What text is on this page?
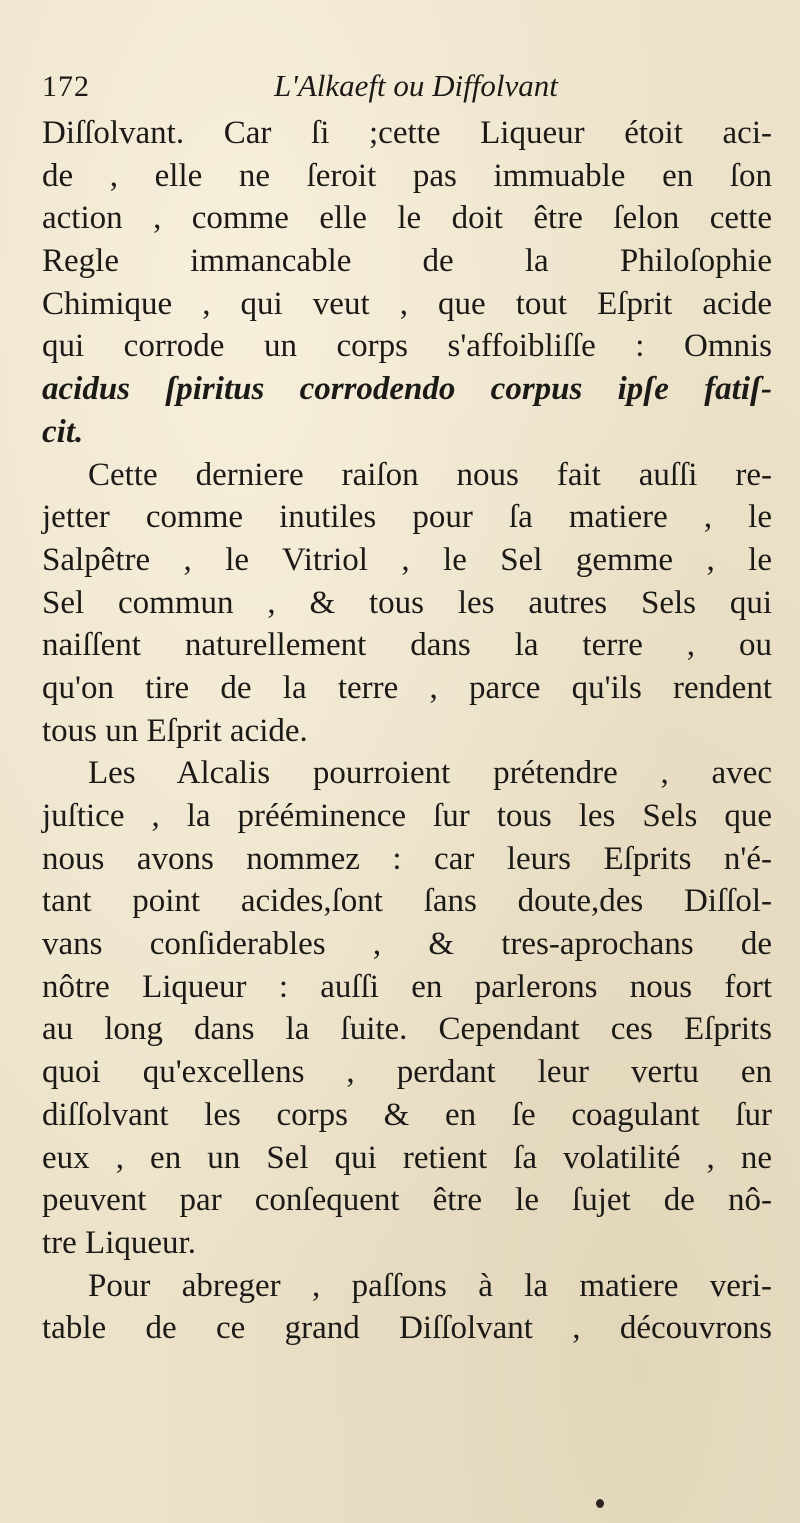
172	L'Alkaeft ou Diffolvant
Diſſolvant. Car ſi ;cette Liqueur étoit aci-
de , elle ne ſeroit pas immuable en ſon
action , comme elle le doit être ſelon cette
Regle immancable de la Philoſophie
Chimique , qui veut , que tout Eſprit acide
qui corrode un corps s'affoibliſſe : Omnis
acidus ſpiritus corrodendo corpus ipſe fatiſ-
cit.
Cette derniere raiſon nous fait auſſi re-
jetter comme inutiles pour ſa matiere , le
Salpêtre , le Vitriol , le Sel gemme , le
Sel commun , & tous les autres Sels qui
naiſſent naturellement dans la terre , ou
qu'on tire de la terre , parce qu'ils rendent
tous un Eſprit acide.
Les Alcalis pourroient prétendre , avec
juſtice , la prééminence ſur tous les Sels que
nous avons nommez : car leurs Eſprits n'é-
tant point acides,ſont ſans doute,des Diſſol-
vans conſiderables , & tres-aprochans de
nôtre Liqueur : auſſi en parlerons nous fort
au long dans la ſuite. Cependant ces Eſprits
quoi qu'excellens , perdant leur vertu en
diſſolvant les corps & en ſe coagulant ſur
eux , en un Sel qui retient ſa volatilité , ne
peuvent par conſequent être le ſujet de nô-
tre Liqueur.
Pour abreger , paſſons à la matiere veri-
table de ce grand Diſſolvant , découvrons
